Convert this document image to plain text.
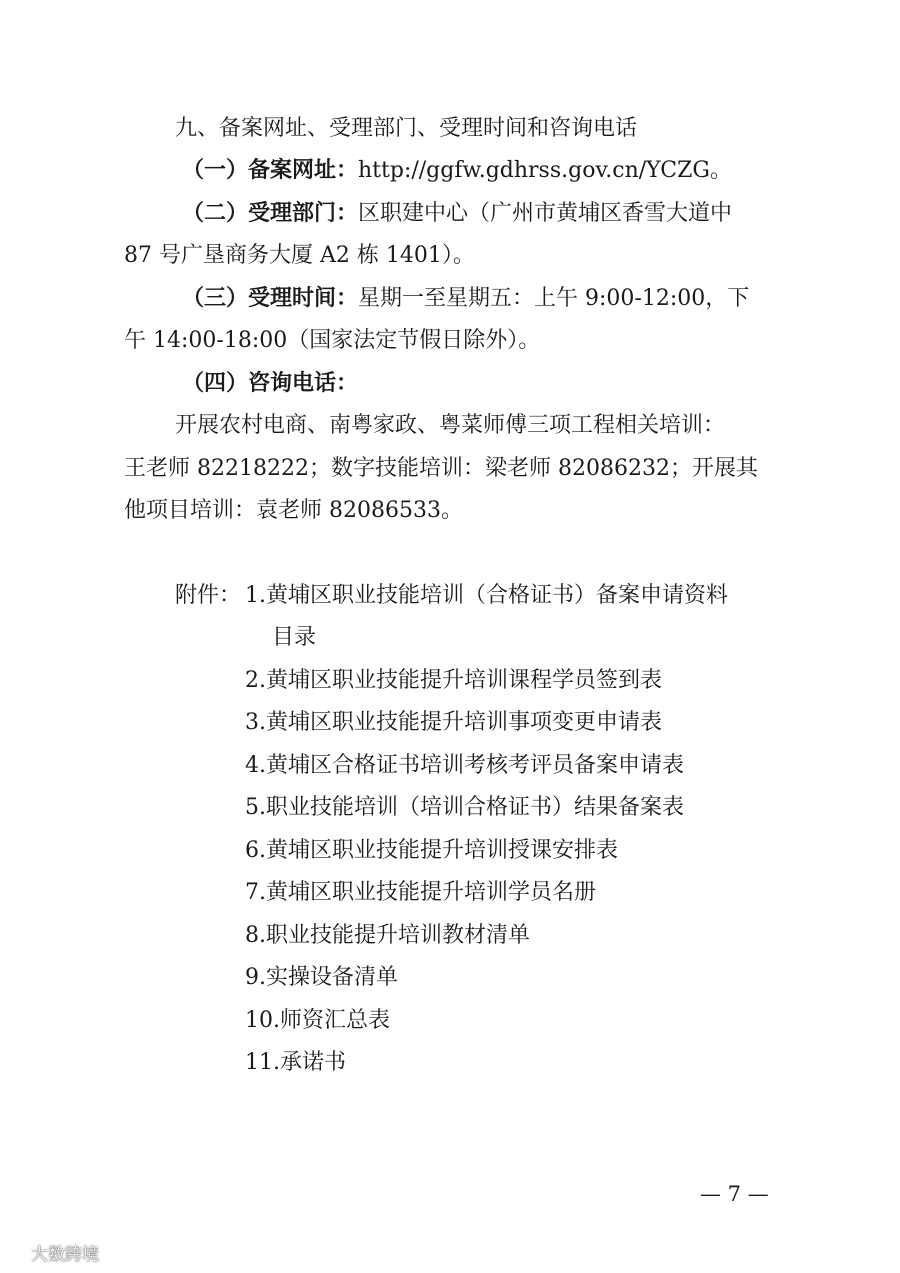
九、备案网址、受理部门、受理时间和咨询电话
（一）备案网址：http://ggfw.gdhrss.gov.cn/YCZG。
（二）受理部门：区职建中心（广州市黄埔区香雪大道中
87 号广垦商务大厦 A2 栋 1401）。
（三）受理时间：星期一至星期五：上午 9:00-12:00，下
午 14:00-18:00（国家法定节假日除外）。
（四）咨询电话：
开展农村电商、南粤家政、粤菜师傅三项工程相关培训：
王老师 82218222；数字技能培训：梁老师 82086232；开展其
他项目培训：袁老师 82086533。
附件： 1.黄埔区职业技能培训（合格证书）备案申请资料
目录
2.黄埔区职业技能提升培训课程学员签到表
3.黄埔区职业技能提升培训事项变更申请表
4.黄埔区合格证书培训考核考评员备案申请表
5.职业技能培训（培训合格证书）结果备案表
6.黄埔区职业技能提升培训授课安排表
7.黄埔区职业技能提升培训学员名册
8.职业技能提升培训教材清单
9.实操设备清单
10.师资汇总表
11.承诺书
— 7 —
大数跨境
